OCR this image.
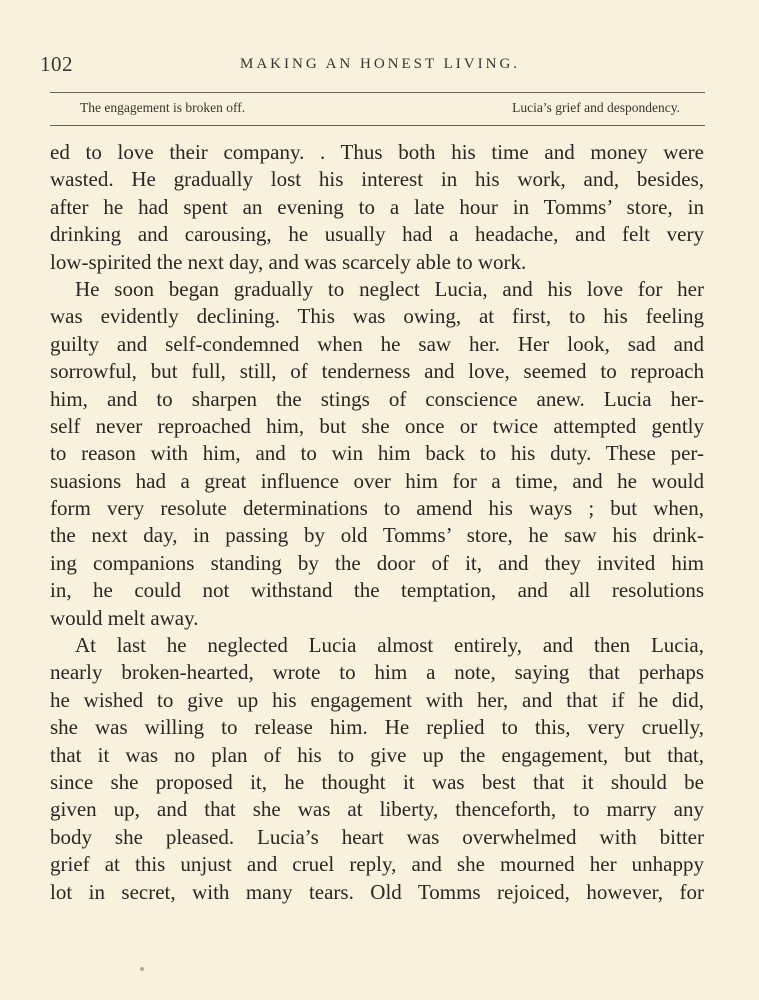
102	MAKING AN HONEST LIVING.
The engagement is broken off.	Lucia’s grief and despondency.
ed to love their company. . Thus both his time and money were
wasted. He gradually lost his interest in his work, and, besides,
after he had spent an evening to a late hour in Tomms’ store, in
drinking and carousing, he usually had a headache, and felt very
low-spirited the next day, and was scarcely able to work.
He soon began gradually to neglect Lucia, and his love for her
was evidently declining. This was owing, at first, to his feeling
guilty and self-condemned when he saw her. Her look, sad and
sorrowful, but full, still, of tenderness and love, seemed to reproach
him, and to sharpen the stings of conscience anew. Lucia her-
self never reproached him, but she once or twice attempted gently
to reason with him, and to win him back to his duty. These per-
suasions had a great influence over him for a time, and he would
form very resolute determinations to amend his ways ; but when,
the next day, in passing by old Tomms’ store, he saw his drink-
ing companions standing by the door of it, and they invited him
in, he could not withstand the temptation, and all resolutions
would melt away.
At last he neglected Lucia almost entirely, and then Lucia,
nearly broken-hearted, wrote to him a note, saying that perhaps
he wished to give up his engagement with her, and that if he did,
she was willing to release him. He replied to this, very cruelly,
that it was no plan of his to give up the engagement, but that,
since she proposed it, he thought it was best that it should be
given up, and that she was at liberty, thenceforth, to marry any
body she pleased. Lucia’s heart was overwhelmed with bitter
grief at this unjust and cruel reply, and she mourned her unhappy
lot in secret, with many tears. Old Tomms rejoiced, however, for
